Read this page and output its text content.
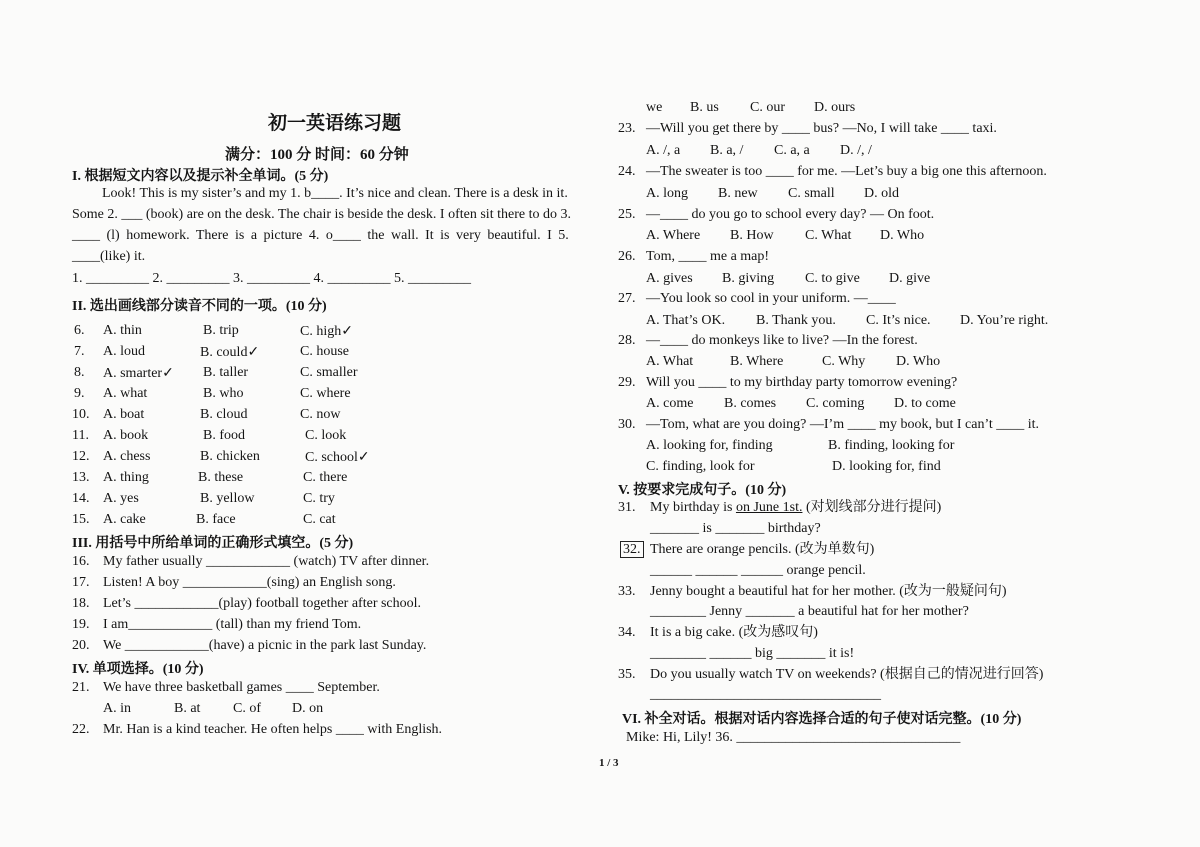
初一英语练习题
满分：100 分 时间：60 分钟
I. 根据短文内容以及提示补全单词。(5 分)
Look! This is my sister’s and my 1. b____. It’s nice and clean. There is a desk in it.
Some 2. ___ (book) are on the desk. The chair is beside the desk. I often sit there to do 3.
____ (l) homework. There is a picture 4. o____ the wall. It is very beautiful. I 5.
____(like) it.
1. _________ 2. _________ 3. _________ 4. _________ 5. _________
II. 选出画线部分读音不同的一项。(10 分)
6. A. thin	B. trip	C. high✓
7. A. loud	B. could✓	C. house
8. A. smarter✓ B. taller	C. smaller
9. A. what	B. who	C. where
10. A. boat	B. cloud	C. now
11. A. book	B. food	C. look
12. A. chess	B. chicken	C. school✓
13. A. thing	B. these	C. there
14. A. yes	B. yellow	C. try
15. A. cake	B. face	C. cat
III. 用括号中所给单词的正确形式填空。(5 分)
16. My father usually ____________ (watch) TV after dinner.
17. Listen! A boy ____________(sing) an English song.
18. Let’s ____________(play) football together after school.
19. I am____________ (tall) than my friend Tom.
20. We ____________(have) a picnic in the park last Sunday.
IV. 单项选择。(10 分)
21. We have three basketball games ____ September.
A. in	B. at C. of D. on
22. Mr. Han is a kind teacher. He often helps ____ with English.
we B. us C. our D. ours
23. —Will you get there by ____ bus? —No, I will take ____ taxi.
A. /, a B. a, / C. a, a D. /, /
24. —The sweater is too ____ for me. —Let’s buy a big one this afternoon.
A. long B. new C. small D. old
25. —____ do you go to school every day? — On foot.
A. Where B. How C. What D. Who
26. Tom, ____ me a map!
A. gives B. giving C. to give D. give
27. —You look so cool in your uniform. —____
A. That’s OK. B. Thank you. C. It’s nice. D. You’re right.
28. —____ do monkeys like to live? —In the forest.
A. What	B. Where	C. Why D. Who
29. Will you ____ to my birthday party tomorrow evening?
A. come B. comes C. coming D. to come
30. —Tom, what are you doing? —I’m ____ my book, but I can’t ____ it.
A. looking for, finding	B. finding, looking for
C. finding, look for	D. looking for, find
V. 按要求完成句子。(10 分)
31. My birthday is on June 1st. (对划线部分进行提问)
_______ is _______ birthday?
32. There are orange pencils. (改为单数句)
______ ______ ______ orange pencil.
33. Jenny bought a beautiful hat for her mother. (改为一般疑问句)
________ Jenny _______ a beautiful hat for her mother?
34. It is a big cake. (改为感叹句)
________ ______ big _______ it is!
35. Do you usually watch TV on weekends? (根据自己的情况进行回答)
_________________________________
VI. 补全对话。根据对话内容选择合适的句子使对话完整。(10 分)
Mike: Hi, Lily! 36. ________________________________
1 / 3
